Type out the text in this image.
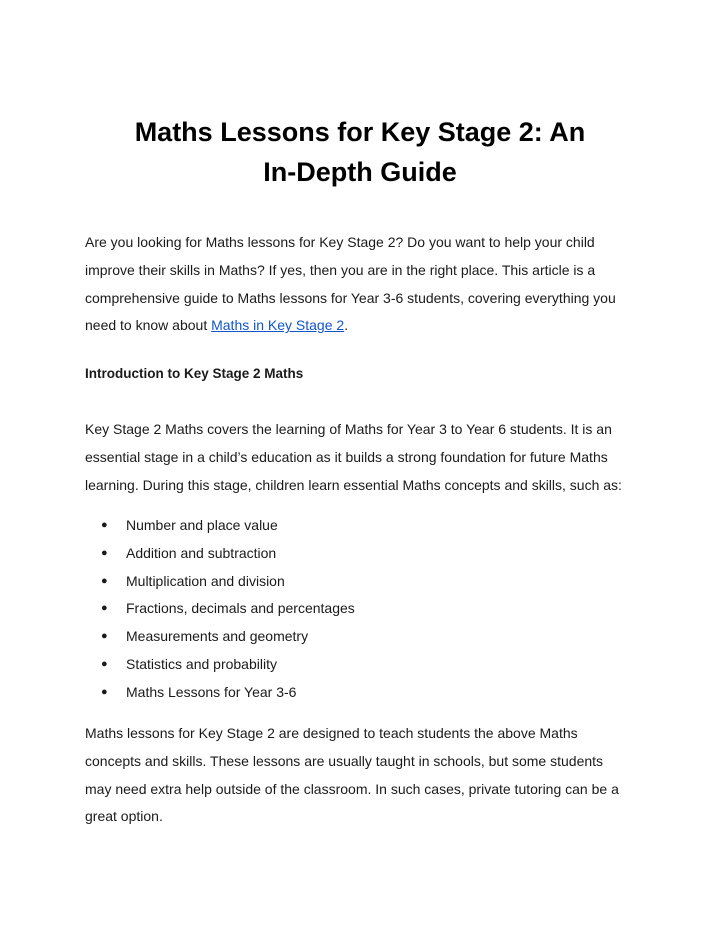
Maths Lessons for Key Stage 2: An
In-Depth Guide

Are you looking for Maths lessons for Key Stage 2? Do you want to help your child
improve their skills in Maths? If yes, then you are in the right place. This article is a
comprehensive guide to Maths lessons for Year 3-6 students, covering everything you
need to know about Maths in Key Stage 2.

Introduction to Key Stage 2 Maths

Key Stage 2 Maths covers the learning of Maths for Year 3 to Year 6 students. It is an
essential stage in a child’s education as it builds a strong foundation for future Maths
learning. During this stage, children learn essential Maths concepts and skills, such as:

● Number and place value
● Addition and subtraction
● Multiplication and division
● Fractions, decimals and percentages
● Measurements and geometry
● Statistics and probability
● Maths Lessons for Year 3-6

Maths lessons for Key Stage 2 are designed to teach students the above Maths
concepts and skills. These lessons are usually taught in schools, but some students
may need extra help outside of the classroom. In such cases, private tutoring can be a
great option.
